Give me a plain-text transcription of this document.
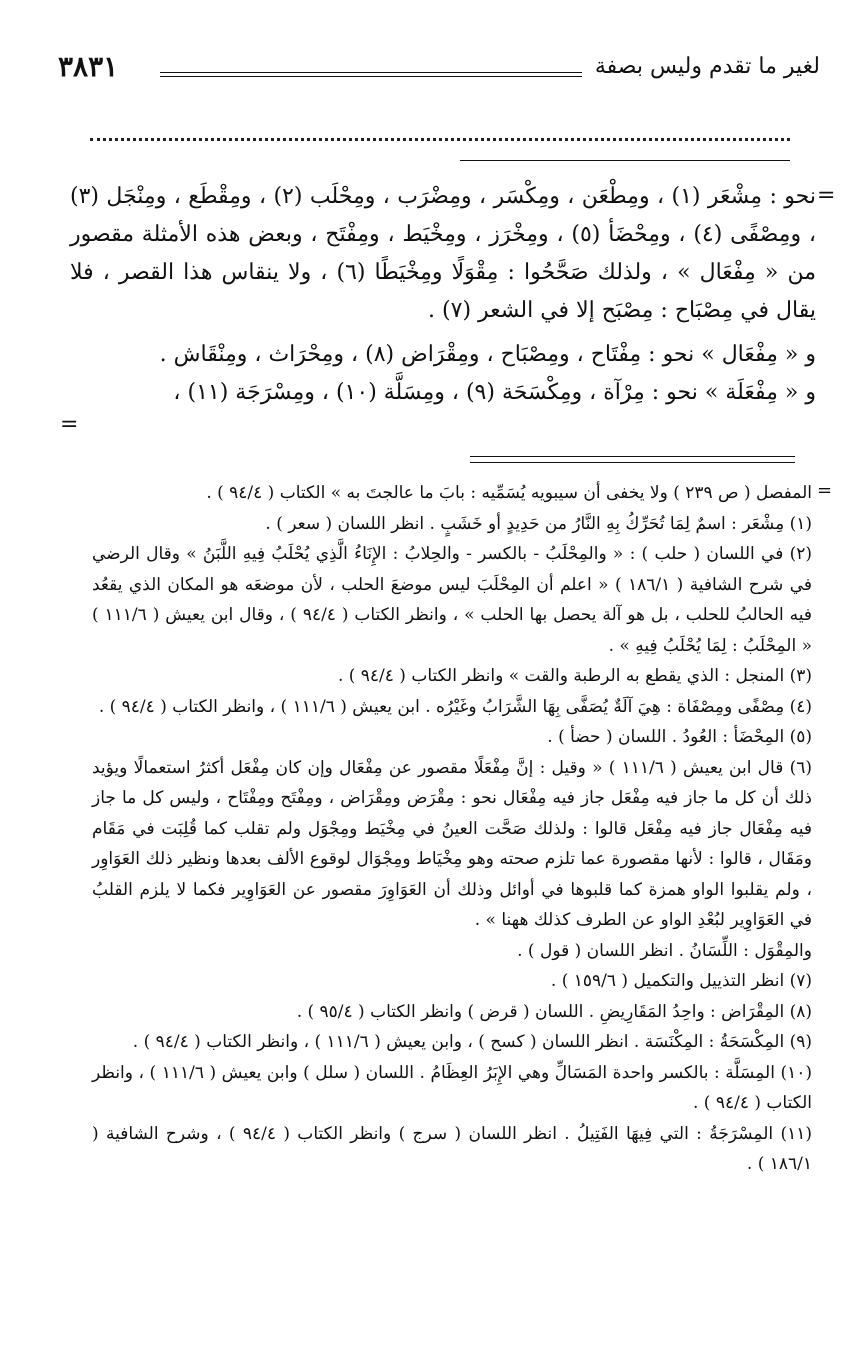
لغير ما تقدم وليس بصفة
٣٨٣١
=

نحو : مِشْعَر (١) ، ومِطْعَن ، ومِكْسَر ، ومِضْرَب ، ومِحْلَب (٢) ، ومِقْطَع ، ومِنْجَل (٣) ، ومِصْفًى (٤) ، ومِحْضَأ (٥) ، ومِخْرَز ، ومِخْيَط ، ومِفْتَح ، وبعض هذه الأمثلة مقصور من « مِفْعَال » ، ولذلك صَحَّحُوا : مِقْوَلًا ومِخْيَطًا (٦) ، ولا ينقاس هذا القصر ، فلا يقال في مِصْبَاح : مِصْبَح إلا في الشعر (٧) .

و « مِفْعَال » نحو : مِفْتَاح ، ومِصْبَاح ، ومِقْرَاض (٨) ، ومِحْرَاث ، ومِنْقَاش .

و « مِفْعَلَة » نحو : مِرْآة ، ومِكْسَحَة (٩) ، ومِسَلَّة (١٠) ، ومِسْرَجَة (١١) ،

=
=

المفصل ( ص ٢٣٩ ) ولا يخفى أن سيبويه يُسَمِّيه : بابَ ما عالجتَ به » الكتاب ( ٩٤/٤ ) .

(١) مِشْعَر : اسمٌ لِمَا تُحَرِّكُ بِهِ النَّارُ من حَدِيدٍ أو خَشَبٍ . انظر اللسان ( سعر ) .

(٢) في اللسان ( حلب ) : « والمِحْلَبُ - بالكسر - والحِلابُ : الإِنَاءُ الَّذِي يُحْلَبُ فِيهِ اللَّبَنُ » وقال الرضي في شرح الشافية ( ١٨٦/١ ) « اعلم أن المِحْلَبَ ليس موضعَ الحلب ، لأن موضعَه هو المكان الذي يقعُد فيه الحالبُ للحلب ، بل هو آلة يحصل بها الحلب » ، وانظر الكتاب ( ٩٤/٤ ) ، وقال ابن يعيش ( ١١١/٦ ) « المِحْلَبُ : لِمَا يُحْلَبُ فِيهِ » .

(٣) المنجل : الذي يقطع به الرطبة والقت » وانظر الكتاب ( ٩٤/٤ ) .

(٤) مِصْفًى ومِصْفَاة : هِيَ آلَةٌ يُصَفَّى بِهَا الشَّرَابُ وغَيْرُه . ابن يعيش ( ١١١/٦ ) ، وانظر الكتاب ( ٩٤/٤ ) .

(٥) المِحْضَأ : العُودُ . اللسان ( حضأ ) .

(٦) قال ابن يعيش ( ١١١/٦ ) « وقيل : إنَّ مِفْعَلًا مقصور عن مِفْعَال وإن كان مِفْعَل أكثرُ استعمالًا ويؤيد ذلك أن كل ما جاز فيه مِفْعَل جاز فيه مِفْعَال نحو : مِقْرَض ومِقْرَاض ، ومِفْتَح ومِفْتَاح ، وليس كل ما جاز فيه مِفْعَال جاز فيه مِفْعَل قالوا : ولذلك صَحَّت العينُ في مِخْيَط ومِجْوَل ولم تقلب كما قُلِبَت في مَقَام ومَقَال ، قالوا : لأنها مقصورة عما تلزم صحته وهو مِخْيَاط ومِجْوَال لوقوع الألف بعدها ونظير ذلك العَوَاوِر ، ولم يقلبوا الواو همزة كما قلبوها في أوائل وذلك أن العَوَاوِرَ مقصور عن العَوَاوِير فكما لا يلزم القلبُ في العَوَاوِير لبُعْدِ الواو عن الطرف كذلك ههنا » .

والمِقْوَل : اللِّسَانُ . انظر اللسان ( قول ) .

(٧) انظر التذييل والتكميل ( ١٥٩/٦ ) .

(٨) المِقْرَاض : واحِدُ المَقَارِيضِ . اللسان ( قرض ) وانظر الكتاب ( ٩٥/٤ ) .

(٩) المِكْسَحَةُ : المِكْنَسَة . انظر اللسان ( كسح ) ، وابن يعيش ( ١١١/٦ ) ، وانظر الكتاب ( ٩٤/٤ ) .

(١٠) المِسَلَّة : بالكسر واحدة المَسَالِّ وهي الإِبَرُ العِظَامُ . اللسان ( سلل ) وابن يعيش ( ١١١/٦ ) ، وانظر الكتاب ( ٩٤/٤ ) .

(١١) المِسْرَجَةُ : التي فِيهَا الفَتِيلُ . انظر اللسان ( سرج ) وانظر الكتاب ( ٩٤/٤ ) ، وشرح الشافية ( ١٨٦/١ ) .
